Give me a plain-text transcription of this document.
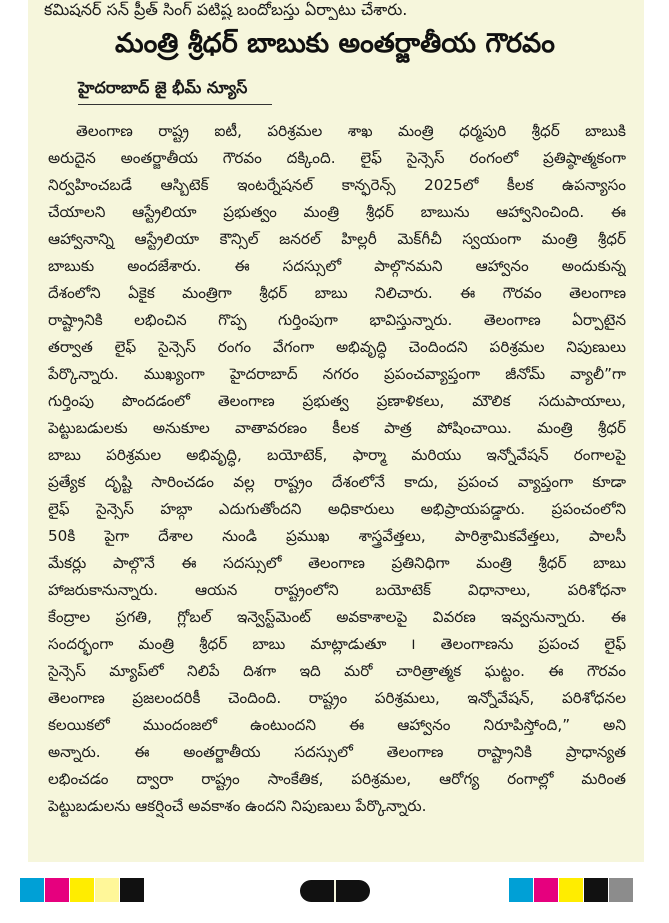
కమిషనర్ సన్ ప్రీత్ సింగ్ పటిష్ట బందోబస్తు ఏర్పాటు చేశారు.
మంత్రి శ్రీధర్ బాబుకు అంతర్జాతీయ గౌరవం
హైదరాబాద్ జై భీమ్ న్యూస్
తెలంగాణ రాష్ట్ర ఐటీ, పరిశ్రమల శాఖ మంత్రి ధర్మపురి శ్రీధర్ బాబుకి
అరుదైన అంతర్జాతీయ గౌరవం దక్కింది. లైఫ్ సైన్సెస్ రంగంలో ప్రతిష్ఠాత్మకంగా
నిర్వహించబడే ఆస్బిటెక్ ఇంటర్నేషనల్ కాన్ఫరెన్స్ 2025లో కీలక ఉపన్యాసం
చేయాలని ఆస్ట్రేలియా ప్రభుత్వం మంత్రి శ్రీధర్ బాబును ఆహ్వానించింది. ఈ
ఆహ్వానాన్ని ఆస్ట్రేలియా కౌన్సిల్ జనరల్ హిల్లరీ మెక్‌గీచీ స్వయంగా మంత్రి శ్రీధర్
బాబుకు అందజేశారు. ఈ సదస్సులో పాల్గొనమని ఆహ్వానం అందుకున్న
దేశంలోని ఏకైక మంత్రిగా శ్రీధర్ బాబు నిలిచారు. ఈ గౌరవం తెలంగాణ
రాష్ట్రానికి లభించిన గొప్ప గుర్తింపుగా భావిస్తున్నారు. తెలంగాణ ఏర్పాటైన
తర్వాత లైఫ్ సైన్సెస్ రంగం వేగంగా అభివృద్ధి చెందిందని పరిశ్రమల నిపుణులు
పేర్కొన్నారు. ముఖ్యంగా హైదరాబాద్ నగరం ప్రపంచవ్యాప్తంగా జీనోమ్ వ్యాలీ”గా
గుర్తింపు పొందడంలో తెలంగాణ ప్రభుత్వ ప్రణాళికలు, మౌలిక సదుపాయాలు,
పెట్టుబడులకు అనుకూల వాతావరణం కీలక పాత్ర పోషించాయి. మంత్రి శ్రీధర్
బాబు పరిశ్రమల అభివృద్ధి, బయోటెక్, ఫార్మా మరియు ఇన్నోవేషన్ రంగాలపై
ప్రత్యేక దృష్టి సారించడం వల్ల రాష్ట్రం దేశంలోనే కాదు, ప్రపంచ వ్యాప్తంగా కూడా
లైఫ్ సైన్సెస్ హబ్గా ఎదుగుతోందని అధికారులు అభిప్రాయపడ్డారు. ప్రపంచంలోని
50కి పైగా దేశాల నుండి ప్రముఖ శాస్త్రవేత్తలు, పారిశ్రామికవేత్తలు, పాలసీ
మేకర్లు పాల్గొనే ఈ సదస్సులో తెలంగాణ ప్రతినిధిగా మంత్రి శ్రీధర్ బాబు
హాజరుకానున్నారు. ఆయన రాష్ట్రంలోని బయోటెక్ విధానాలు, పరిశోధనా
కేంద్రాల ప్రగతి, గ్లోబల్ ఇన్వెస్ట్‌మెంట్ అవకాశాలపై వివరణ ఇవ్వనున్నారు. ఈ
సందర్భంగా మంత్రి శ్రీధర్ బాబు మాట్లాడుతూ ౹ తెలంగాణను ప్రపంచ లైఫ్
సైన్సెస్ మ్యాప్‌లో నిలిపే దిశగా ఇది మరో చారిత్రాత్మక ఘట్టం. ఈ గౌరవం
తెలంగాణ ప్రజలందరికీ చెందింది. రాష్ట్రం పరిశ్రమలు, ఇన్నోవేషన్, పరిశోధనల
కలయికలో ముందంజలో ఉంటుందని ఈ ఆహ్వానం నిరూపిస్తోంది,” అని
అన్నారు. ఈ అంతర్జాతీయ సదస్సులో తెలంగాణ రాష్ట్రానికి ప్రాధాన్యత
లభించడం ద్వారా రాష్ట్రం సాంకేతిక, పరిశ్రమల, ఆరోగ్య రంగాల్లో మరింత
పెట్టుబడులను ఆకర్షించే అవకాశం ఉందని నిపుణులు పేర్కొన్నారు.
